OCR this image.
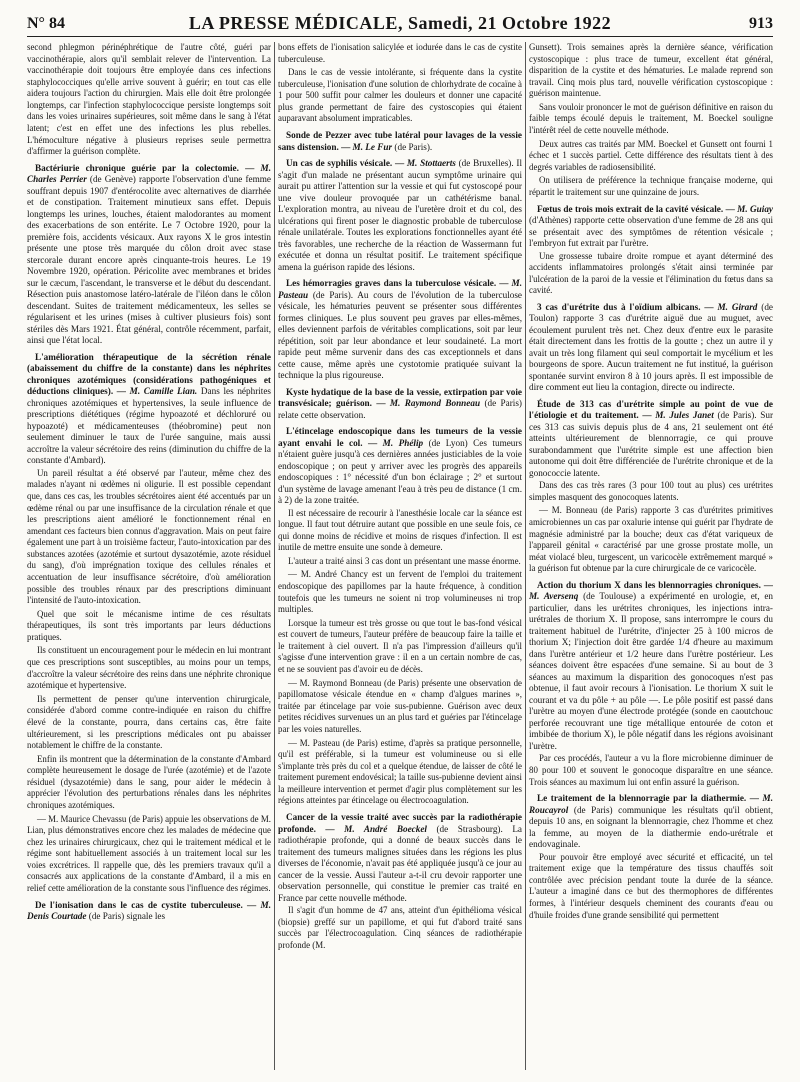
N° 84	LA PRESSE MÉDICALE, Samedi, 21 Octobre 1922	913

second phlegmon périnéphrétique de l'autre côté, guéri par vaccinothérapie, alors qu'il semblait relever de l'intervention. La vaccinothérapie doit toujours être employée dans ces infections staphylococciques qu'elle arrive souvent à guérir; en tout cas elle aidera toujours l'action du chirurgien. Mais elle doit être prolongée longtemps, car l'infection staphylococcique persiste longtemps soit dans les voies urinaires supérieures, soit même dans le sang à l'état latent; c'est en effet une des infections les plus rebelles. L'hémoculture négative à plusieurs reprises seule permettra d'affirmer la guérison complète.

Bactériurie chronique guérie par la colectomie. — M. Charles Perrier (de Genève) rapporte l'observation d'une femme souffrant depuis 1907 d'entérocolite avec alternatives de diarrhée et de constipation. Traitement minutieux sans effet. Depuis longtemps les urines, louches, étaient malodorantes au moment des exacerbations de son entérite. Le 7 Octobre 1920, pour la première fois, accidents vésicaux. Aux rayons X le gros intestin présente une ptose très marquée du côlon droit avec stase stercorale durant encore après cinquante-trois heures. Le 19 Novembre 1920, opération. Péricolite avec membranes et brides sur le cæcum, l'ascendant, le transverse et le début du descendant. Résection puis anastomose latéro-latérale de l'iléon dans le côlon descendant. Suites de traitement médicamenteux, les selles se régularisent et les urines (mises à cultiver plusieurs fois) sont stériles dès Mars 1921. État général, contrôle récemment, parfait, ainsi que l'état local.
L'amélioration thérapeutique de la sécrétion rénale (abaissement du chiffre de la constante) dans les néphrites chroniques azotémiques (considérations pathogéniques et déductions cliniques). — M. Camille Lian. Dans les néphrites chroniques azotémiques et hypertensives, la seule influence de prescriptions diététiques (régime hypoazoté et déchloruré ou hypoazoté) et médicamenteuses (théobromine) peut non seulement diminuer le taux de l'urée sanguine, mais aussi accroître la valeur sécrétoire des reins (diminution du chiffre de la constante d'Ambard).

Un pareil résultat a été observé par l'auteur, même chez des malades n'ayant ni œdèmes ni oligurie. Il est possible cependant que, dans ces cas, les troubles sécrétoires aient été accentués par un œdème rénal ou par une insuffisance de la circulation rénale et que les prescriptions aient amélioré le fonctionnement rénal en amendant ces facteurs bien connus d'aggravation. Mais on peut faire également une part à un troisième facteur, l'auto-intoxication par des substances azotées (azotémie et surtout dysazotémie, azote résiduel du sang), d'où imprégnation toxique des cellules rénales et accentuation de leur insuffisance sécrétoire, d'où amélioration possible des troubles rénaux par des prescriptions diminuant l'intensité de l'auto-intoxication.

Quel que soit le mécanisme intime de ces résultats thérapeutiques, ils sont très importants par leurs déductions pratiques.

Ils constituent un encouragement pour le médecin en lui montrant que ces prescriptions sont susceptibles, au moins pour un temps, d'accroître la valeur sécrétoire des reins dans une néphrite chronique azotémique et hypertensive.

Ils permettent de penser qu'une intervention chirurgicale, considérée d'abord comme contre-indiquée en raison du chiffre élevé de la constante, pourra, dans certains cas, être faite ultérieurement, si les prescriptions médicales ont pu abaisser notablement le chiffre de la constante.

Enfin ils montrent que la détermination de la constante d'Ambard complète heureusement le dosage de l'urée (azotémie) et de l'azote résiduel (dysazotémie) dans le sang, pour aider le médecin à apprécier l'évolution des perturbations rénales dans les néphrites chroniques azotémiques.

— M. Maurice Chevassu (de Paris) appuie les observations de M. Lian, plus démonstratives encore chez les malades de médecine que chez les urinaires chirurgicaux, chez qui le traitement médical et le régime sont habituellement associés à un traitement local sur les voies excrétrices. Il rappelle que, dès les premiers travaux qu'il a consacrés aux applications de la constante d'Ambard, il a mis en relief cette amélioration de la constante sous l'influence des régimes.

De l'ionisation dans le cas de cystite tuberculeuse. — M. Denis Courtade (de Paris) signale les

bons effets de l'ionisation salicylée et iodurée dans le cas de cystite tuberculeuse.

Dans le cas de vessie intolérante, si fréquente dans la cystite tuberculeuse, l'ionisation d'une solution de chlorhydrate de cocaïne à 1 pour 500 suffit pour calmer les douleurs et donner une capacité plus grande permettant de faire des cystoscopies qui étaient auparavant absolument impraticables.

Sonde de Pezzer avec tube latéral pour lavages de la vessie sans distension. — M. Le Fur (de Paris).
Un cas de syphilis vésicale. — M. Stottaerts (de Bruxelles). Il s'agit d'un malade ne présentant aucun symptôme urinaire qui aurait pu attirer l'attention sur la vessie et qui fut cystoscopé pour une vive douleur provoquée par un cathétérisme banal. L'exploration montra, au niveau de l'uretère droit et du col, des ulcérations qui firent poser le diagnostic probable de tuberculose rénale unilatérale. Toutes les explorations fonctionnelles ayant été très favorables, une recherche de la réaction de Wassermann fut exécutée et donna un résultat positif. Le traitement spécifique amena la guérison rapide des lésions.
Les hémorragies graves dans la tuberculose vésicale. — M. Pasteau (de Paris). Au cours de l'évolution de la tuberculose vésicale, les hématuries peuvent se présenter sous différentes formes cliniques. Le plus souvent peu graves par elles-mêmes, elles deviennent parfois de véritables complications, soit par leur répétition, soit par leur abondance et leur soudaineté. La mort rapide peut même survenir dans des cas exceptionnels et dans cette cause, même après une cystotomie pratiquée suivant la technique la plus rigoureuse.
Kyste hydatique de la base de la vessie, extirpation par voie transvésicale; guérison. — M. Raymond Bonneau (de Paris) relate cette observation.
L'étincelage endoscopique dans les tumeurs de la vessie ayant envahi le col. — M. Phélip (de Lyon) Ces tumeurs n'étaient guère jusqu'à ces dernières années justiciables de la voie endoscopique ; on peut y arriver avec les progrès des appareils endoscopiques : 1° nécessité d'un bon éclairage ; 2° et surtout d'un système de lavage amenant l'eau à très peu de distance (1 cm. à 2) de la zone traitée.

Il est nécessaire de recourir à l'anesthésie locale car la séance est longue. Il faut tout détruire autant que possible en une seule fois, ce qui donne moins de récidive et moins de risques d'infection. Il est inutile de mettre ensuite une sonde à demeure.

L'auteur a traité ainsi 3 cas dont un présentant une masse énorme.

— M. André Chancy est un fervent de l'emploi du traitement endoscopique des papillomes par la haute fréquence, à condition toutefois que les tumeurs ne soient ni trop volumineuses ni trop multiples.

Lorsque la tumeur est très grosse ou que tout le bas-fond vésical est couvert de tumeurs, l'auteur préfère de beaucoup faire la taille et le traitement à ciel ouvert. Il n'a pas l'impression d'ailleurs qu'il s'agisse d'une intervention grave : il en a un certain nombre de cas, et ne se souvient pas d'avoir eu de décès.

— M. Raymond Bonneau (de Paris) présente une observation de papillomatose vésicale étendue en « champ d'algues marines », traitée par étincelage par voie sus-pubienne. Guérison avec deux petites récidives survenues un an plus tard et guéries par l'étincelage par les voies naturelles.

— M. Pasteau (de Paris) estime, d'après sa pratique personnelle, qu'il est préférable, si la tumeur est volumineuse ou si elle s'implante très près du col et a quelque étendue, de laisser de côté le traitement purement endovésical; la taille sus-pubienne devient ainsi la meilleure intervention et permet d'agir plus complètement sur les régions atteintes par étincelage ou électrocoagulation.

Cancer de la vessie traité avec succès par la radiothérapie profonde. — M. André Boeckel (de Strasbourg). La radiothérapie profonde, qui a donné de beaux succès dans le traitement des tumeurs malignes situées dans les régions les plus diverses de l'économie, n'avait pas été appliquée jusqu'à ce jour au cancer de la vessie. Aussi l'auteur a-t-il cru devoir rapporter une observation personnelle, qui constitue le premier cas traité en France par cette nouvelle méthode.

Il s'agit d'un homme de 47 ans, atteint d'un épithélioma vésical (biopsie) greffé sur un papillome, et qui fut d'abord traité sans succès par l'électrocoagulation. Cinq séances de radiothérapie profonde (M.

Gunsett). Trois semaines après la dernière séance, vérification cystoscopique : plus trace de tumeur, excellent état général, disparition de la cystite et des hématuries. Le malade reprend son travail. Cinq mois plus tard, nouvelle vérification cystoscopique : guérison maintenue.

Sans vouloir prononcer le mot de guérison définitive en raison du faible temps écoulé depuis le traitement, M. Boeckel souligne l'intérêt réel de cette nouvelle méthode.

Deux autres cas traités par MM. Boeckel et Gunsett ont fourni 1 échec et 1 succès partiel. Cette différence des résultats tient à des degrés variables de radiosensibilité.

On utilisera de préférence la technique française moderne, qui répartit le traitement sur une quinzaine de jours.

Fœtus de trois mois extrait de la cavité vésicale. — M. Guiay (d'Athènes) rapporte cette observation d'une femme de 28 ans qui se présentait avec des symptômes de rétention vésicale ; l'embryon fut extrait par l'urètre.

Une grossesse tubaire droite rompue et ayant déterminé des accidents inflammatoires prolongés s'était ainsi terminée par l'ulcération de la paroi de la vessie et l'élimination du fœtus dans sa cavité.

3 cas d'urétrite dus à l'oïdium albicans. — M. Girard (de Toulon) rapporte 3 cas d'urétrite aiguë due au muguet, avec écoulement purulent très net. Chez deux d'entre eux le parasite était directement dans les frottis de la goutte ; chez un autre il y avait un très long filament qui seul comportait le mycélium et les bourgeons de spore. Aucun traitement ne fut institué, la guérison spontanée survint environ 8 à 10 jours après. Il est impossible de dire comment eut lieu la contagion, directe ou indirecte.
Étude de 313 cas d'urétrite simple au point de vue de l'étiologie et du traitement. — M. Jules Janet (de Paris). Sur ces 313 cas suivis depuis plus de 4 ans, 21 seulement ont été atteints ultérieurement de blennorragie, ce qui prouve surabondamment que l'urétrite simple est une affection bien autonome qui doit être différenciée de l'urétrite chronique et de la gonococcie latente.

Dans des cas très rares (3 pour 100 tout au plus) ces urétrites simples masquent des gonocoques latents.

— M. Bonneau (de Paris) rapporte 3 cas d'urétrites primitives amicrobiennes un cas par oxalurie intense qui guérit par l'hydrate de magnésie administré par la bouche; deux cas d'état variqueux de l'appareil génital « caractérisé par une grosse prostate molle, un méat violacé bleu, turgescent, un varicocèle extrêmement marqué » la guérison fut obtenue par la cure chirurgicale de ce varicocèle.

Action du thorium X dans les blennorragies chroniques. — M. Aversenq (de Toulouse) a expérimenté en urologie, et, en particulier, dans les urétrites chroniques, les injections intra-urétrales de thorium X. Il propose, sans interrompre le cours du traitement habituel de l'urétrite, d'injecter 25 à 100 micros de thorium X; l'injection doit être gardée 1/4 d'heure au maximum dans l'urètre antérieur et 1/2 heure dans l'urètre postérieur. Les séances doivent être espacées d'une semaine. Si au bout de 3 séances au maximum la disparition des gonocoques n'est pas obtenue, il faut avoir recours à l'ionisation. Le thorium X suit le courant et va du pôle + au pôle —. Le pôle positif est passé dans l'urètre au moyen d'une électrode protégée (sonde en caoutchouc perforée recouvrant une tige métallique entourée de coton et imbibée de thorium X), le pôle négatif dans les régions avoisinant l'urètre.

Par ces procédés, l'auteur a vu la flore microbienne diminuer de 80 pour 100 et souvent le gonocoque disparaître en une séance. Trois séances au maximum lui ont enfin assuré la guérison.

Le traitement de la blennorragie par la diathermie. — M. Roucayrol (de Paris) communique les résultats qu'il obtient, depuis 10 ans, en soignant la blennorragie, chez l'homme et chez la femme, au moyen de la diathermie endo-urétrale et endovaginale.

Pour pouvoir être employé avec sécurité et efficacité, un tel traitement exige que la température des tissus chauffés soit contrôlée avec précision pendant toute la durée de la séance. L'auteur a imaginé dans ce but des thermophores de différentes formes, à l'intérieur desquels cheminent des courants d'eau ou d'huile froides d'une grande sensibilité qui permettent
